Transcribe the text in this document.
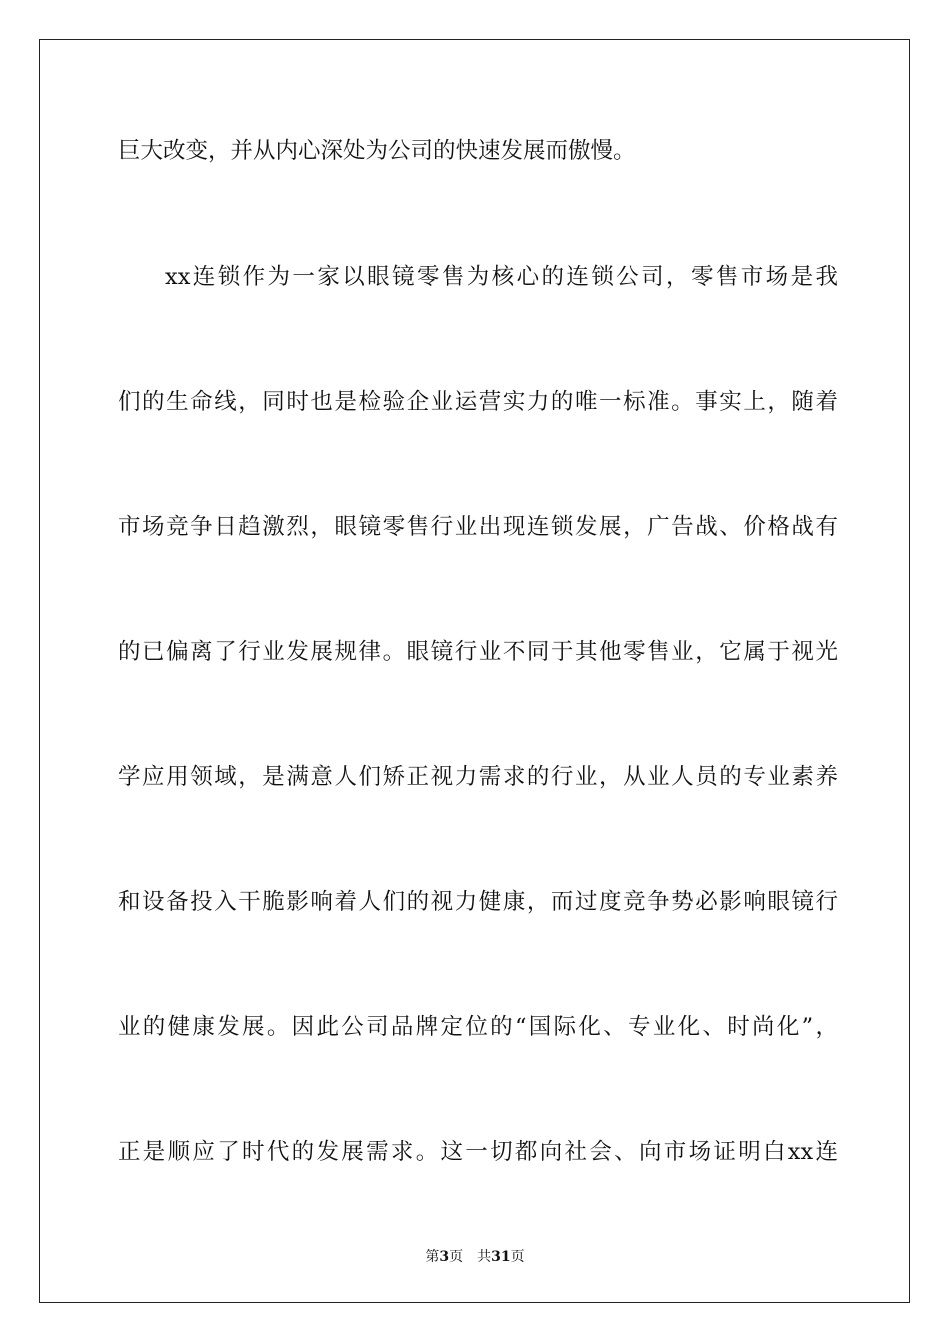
巨大改变，并从内心深处为公司的快速发展而傲慢。
xx连锁作为一家以眼镜零售为核心的连锁公司，零售市场是我
们的生命线，同时也是检验企业运营实力的唯一标准。事实上，随着
市场竞争日趋激烈，眼镜零售行业出现连锁发展，广告战、价格战有
的已偏离了行业发展规律。眼镜行业不同于其他零售业，它属于视光
学应用领域，是满意人们矫正视力需求的行业，从业人员的专业素养
和设备投入干脆影响着人们的视力健康，而过度竞争势必影响眼镜行
业的健康发展。因此公司品牌定位的“国际化、专业化、时尚化”，
正是顺应了时代的发展需求。这一切都向社会、向市场证明白xx连
第3页 共31页
